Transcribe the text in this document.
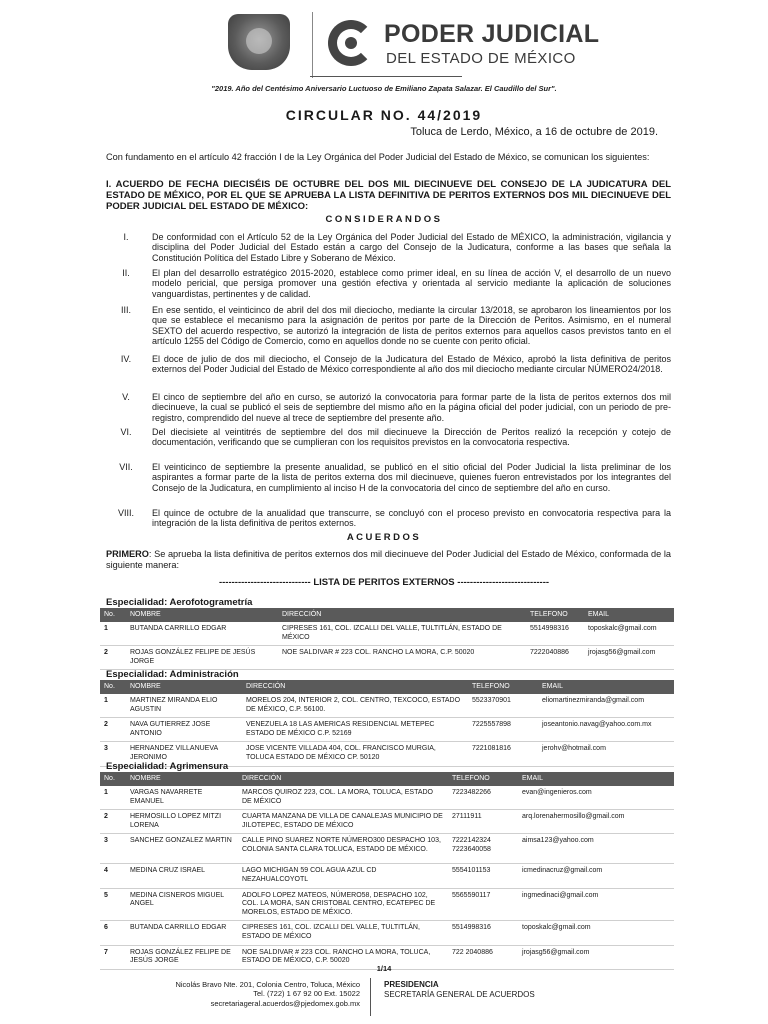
PODER JUDICIAL
DEL ESTADO DE MÉXICO
"2019. Año del Centésimo Aniversario Luctuoso de Emiliano Zapata Salazar. El Caudillo del Sur".
CIRCULAR NO. 44/2019
Toluca de Lerdo, México, a 16 de octubre de 2019.
Con fundamento en el artículo 42 fracción I de la Ley Orgánica del Poder Judicial del Estado de México, se comunican los siguientes:
I. ACUERDO DE FECHA DIECISÉIS DE OCTUBRE DEL DOS MIL DIECINUEVE DEL CONSEJO DE LA JUDICATURA DEL ESTADO DE MÉXICO, POR EL QUE SE APRUEBA LA LISTA DEFINITIVA DE PERITOS EXTERNOS DOS MIL DIECINUEVE DEL PODER JUDICIAL DEL ESTADO DE MÉXICO:
CONSIDERANDOS
I.	De conformidad con el Artículo 52 de la Ley Orgánica del Poder Judicial del Estado de MÉXICO, la administración, vigilancia y disciplina del Poder Judicial del Estado están a cargo del Consejo de la Judicatura, conforme a las bases que señala la Constitución Política del Estado Libre y Soberano de México.
II.	El plan del desarrollo estratégico 2015-2020, establece como primer ideal, en su línea de acción V, el desarrollo de un nuevo modelo pericial, que persiga promover una gestión efectiva y orientada al servicio mediante la aplicación de soluciones vanguardistas, pertinentes y de calidad.
III.	En ese sentido, el veinticinco de abril del dos mil dieciocho, mediante la circular 13/2018, se aprobaron los lineamientos por los que se establece el mecanismo para la asignación de peritos por parte de la Dirección de Peritos. Asimismo, en el numeral SEXTO del acuerdo respectivo, se autorizó la integración de lista de peritos externos para aquellos casos previstos tanto en el artículo 1255 del Código de Comercio, como en aquellos donde no se cuente con perito oficial.
IV.	El doce de julio de dos mil dieciocho, el Consejo de la Judicatura del Estado de México, aprobó la lista definitiva de peritos externos del Poder Judicial del Estado de México correspondiente al año dos mil dieciocho mediante circular NÚMERO24/2018.
V.	El cinco de septiembre del año en curso, se autorizó la convocatoria para formar parte de la lista de peritos externos dos mil diecinueve, la cual se publicó el seis de septiembre del mismo año en la página oficial del poder judicial, con un periodo de pre-registro, comprendido del nueve al trece de septiembre del presente año.
VI.	Del diecisiete al veintitrés de septiembre del dos mil diecinueve la Dirección de Peritos realizó la recepción y cotejo de documentación, verificando que se cumplieran con los requisitos previstos en la convocatoria respectiva.
VII.	El veinticinco de septiembre la presente anualidad, se publicó en el sitio oficial del Poder Judicial la lista preliminar de los aspirantes a formar parte de la lista de peritos externa dos mil diecinueve, quienes fueron entrevistados por los integrantes del Consejo de la Judicatura, en cumplimiento al inciso H de la convocatoria del cinco de septiembre del año en curso.
VIII.	El quince de octubre de la anualidad que transcurre, se concluyó con el proceso previsto en convocatoria respectiva para la integración de la lista definitiva de peritos externos.
ACUERDOS
PRIMERO: Se aprueba la lista definitiva de peritos externos dos mil diecinueve del Poder Judicial del Estado de México, conformada de la siguiente manera:
----------------------------- LISTA DE PERITOS EXTERNOS -----------------------------
Especialidad: Aerofotogrametría
No.	NOMBRE	DIRECCIÓN	TELEFONO	EMAIL
1	BUTANDA CARRILLO EDGAR	CIPRESES 161, COL. IZCALLI DEL VALLE, TULTITLÁN, ESTADO DE MÉXICO	5514998316	toposkalc@gmail.com
2	ROJAS GONZÁLEZ FELIPE DE JESÚS JORGE	NOE SALDIVAR # 223 COL. RANCHO LA MORA, C.P. 50020	7222040886	jrojasg56@gmail.com
Especialidad: Administración
No.	NOMBRE	DIRECCIÓN	TELEFONO	EMAIL
1	MARTINEZ MIRANDA ELIO AGUSTIN	MORELOS 204, INTERIOR 2, COL. CENTRO, TEXCOCO, ESTADO DE MÉXICO, C.P. 56100.	5523370901	eliomartinezmiranda@gmail.com
2	NAVA GUTIERREZ JOSE ANTONIO	VENEZUELA 18 LAS AMERICAS RESIDENCIAL METEPEC ESTADO DE MÉXICO C.P. 52169	7225557898	joseantonio.navag@yahoo.com.mx
3	HERNANDEZ VILLANUEVA JERONIMO	JOSE VICENTE VILLADA 404, COL. FRANCISCO MURGIA, TOLUCA ESTADO DE MÉXICO CP. 50120	7221081816	jerohv@hotmail.com
Especialidad: Agrimensura
No.	NOMBRE	DIRECCIÓN	TELEFONO	EMAIL
1	VARGAS NAVARRETE EMANUEL	MARCOS QUIROZ 223, COL. LA MORA, TOLUCA, ESTADO DE MÉXICO	7223482266	evan@ingenieros.com
2	HERMOSILLO LOPEZ MITZI LORENA	CUARTA MANZANA DE VILLA DE CANALEJAS MUNICIPIO DE JILOTEPEC, ESTADO DE MÉXICO	27111911	arq.lorenahermosillo@gmail.com
3	SANCHEZ GONZALEZ MARTIN	CALLE PINO SUAREZ NORTE NÚMERO300 DESPACHO 103, COLONIA SANTA CLARA TOLUCA, ESTADO DE MÉXICO.	7222142324 7223640058	aimsa123@yahoo.com
4	MEDINA CRUZ ISRAEL	LAGO MICHIGAN 59 COL AGUA AZUL CD NEZAHUALCOYOTL	5554101153	icmedinacruz@gmail.com
5	MEDINA CISNEROS MIGUEL ANGEL	ADOLFO LOPEZ MATEOS, NÚMERO58, DESPACHO 102, COL. LA MORA, SAN CRISTOBAL CENTRO, ECATEPEC DE MORELOS, ESTADO DE MÉXICO.	5565590117	ingmedinaci@gmail.com
6	BUTANDA CARRILLO EDGAR	CIPRESES 161, COL. IZCALLI DEL VALLE, TULTITLÁN, ESTADO DE MÉXICO	5514998316	toposkalc@gmail.com
7	ROJAS GONZÁLEZ FELIPE DE JESÚS JORGE	NOE SALDIVAR # 223 COL. RANCHO LA MORA, TOLUCA, ESTADO DE MÉXICO, C.P. 50020	722 2040886	jrojasg56@gmail.com
1/14
Nicolás Bravo Nte. 201, Colonia Centro, Toluca, México
Tel. (722) 1 67 92 00 Ext. 15022
secretariageral.acuerdos@pjedomex.gob.mx
PRESIDENCIA
SECRETARÍA GENERAL DE ACUERDOS
